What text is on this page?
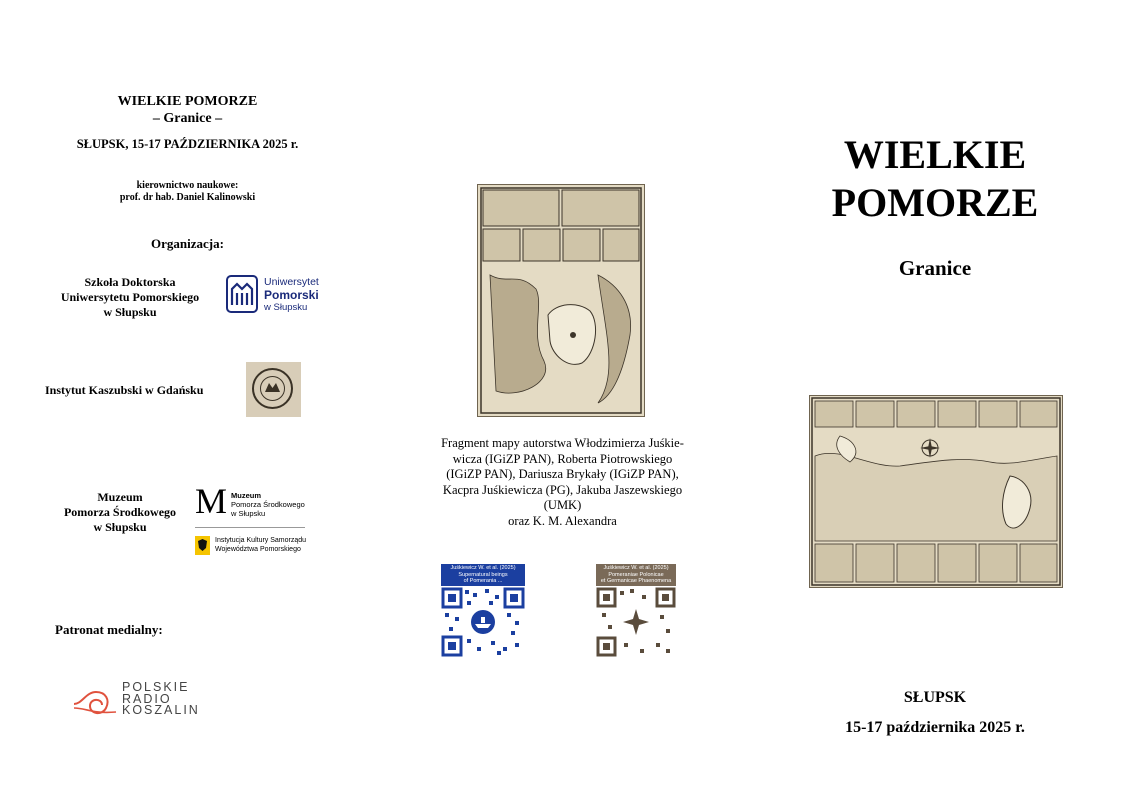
WIELKIE POMORZE
– Granice –
SŁUPSK, 15-17 PAŹDZIERNIKA 2025 r.
kierownictwo naukowe:
prof. dr hab. Daniel Kalinowski
Organizacja:
Szkoła Doktorska
Uniwersytetu Pomorskiego
w Słupsku
Uniwersytet
Pomorski
w Słupsku
Instytut Kaszubski w Gdańsku
Muzeum
Pomorza Środkowego
w Słupsku
M Muzeum
Pomorza Środkowego
w Słupsku
Instytucja Kultury Samorządu
Województwa Pomorskiego
Patronat medialny:
POLSKIE
RADIO
KOSZALIN
Fragment mapy autorstwa Włodzimierza Juśkie-
wicza (IGiZP PAN), Roberta Piotrowskiego
(IGiZP PAN), Dariusza Brykały (IGiZP PAN),
Kacpra Juśkiewicza (PG), Jakuba Jaszewskiego
(UMK)
oraz K. M. Alexandra
Juśkiewicz W. et al. (2025)
Supernatural beings
of Pomerania ...
Juśkiewicz W. et al. (2025)
Pomeraniae Polonicae
et Germanicae Phaenomena
WIELKIE
POMORZE
Granice
SŁUPSK
15-17 października 2025 r.
